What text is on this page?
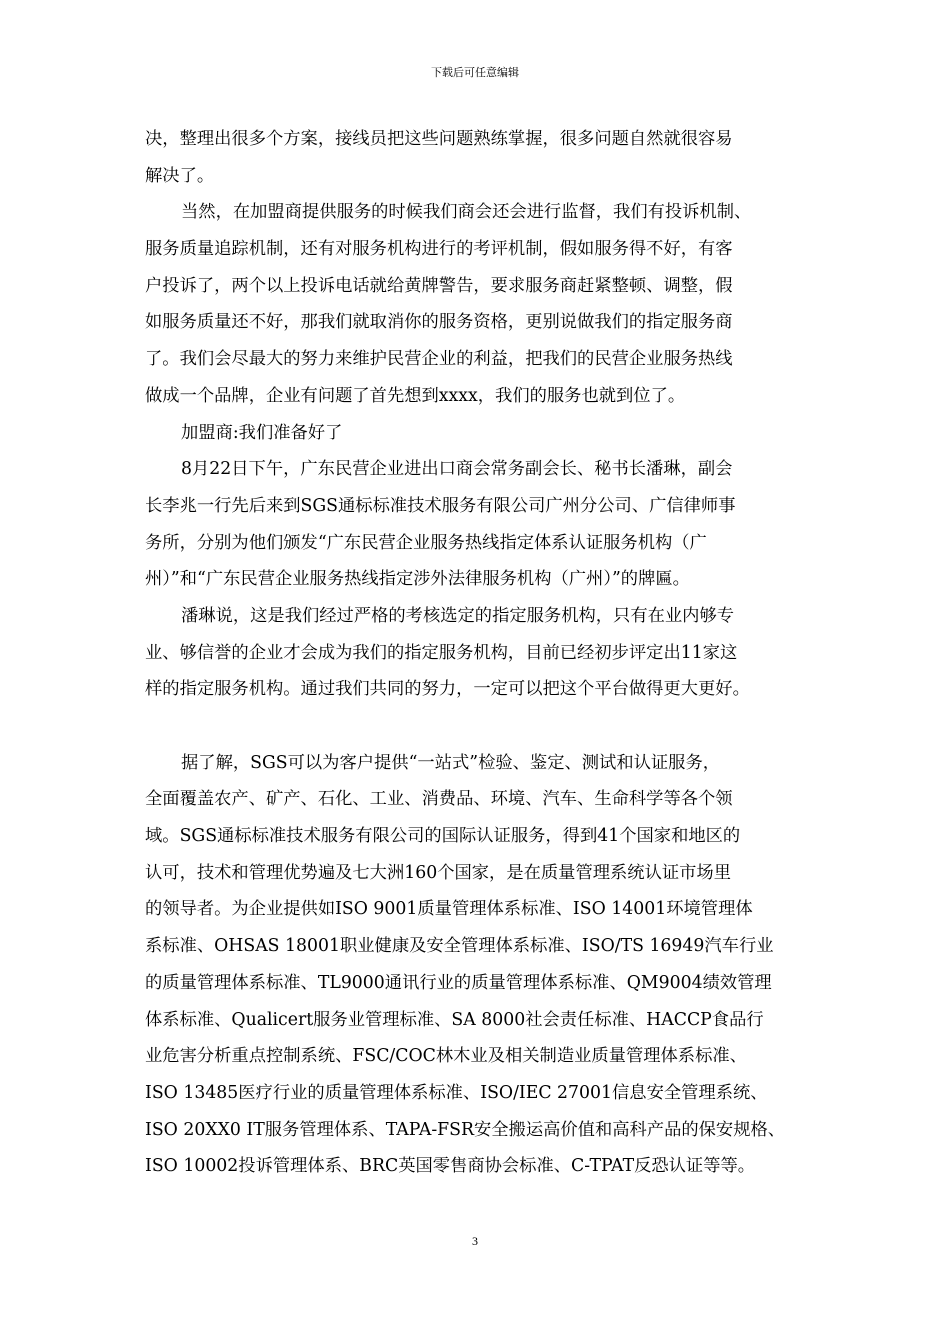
下载后可任意编辑
决，整理出很多个方案，接线员把这些问题熟练掌握，很多问题自然就很容易
解决了。
当然，在加盟商提供服务的时候我们商会还会进行监督，我们有投诉机制、
服务质量追踪机制，还有对服务机构进行的考评机制，假如服务得不好，有客
户投诉了，两个以上投诉电话就给黄牌警告，要求服务商赶紧整顿、调整，假
如服务质量还不好，那我们就取消你的服务资格，更别说做我们的指定服务商
了。我们会尽最大的努力来维护民营企业的利益，把我们的民营企业服务热线
做成一个品牌，企业有问题了首先想到xxxx，我们的服务也就到位了。
加盟商:我们准备好了
8月22日下午，广东民营企业进出口商会常务副会长、秘书长潘琳，副会
长李兆一行先后来到SGS通标标准技术服务有限公司广州分公司、广信律师事
务所，分别为他们颁发“广东民营企业服务热线指定体系认证服务机构（广
州）”和“广东民营企业服务热线指定涉外法律服务机构（广州）”的牌匾。
潘琳说，这是我们经过严格的考核选定的指定服务机构，只有在业内够专
业、够信誉的企业才会成为我们的指定服务机构，目前已经初步评定出11家这
样的指定服务机构。通过我们共同的努力，一定可以把这个平台做得更大更好。
据了解，SGS可以为客户提供“一站式”检验、鉴定、测试和认证服务，
全面覆盖农产、矿产、石化、工业、消费品、环境、汽车、生命科学等各个领
域。SGS通标标准技术服务有限公司的国际认证服务，得到41个国家和地区的
认可，技术和管理优势遍及七大洲160个国家，是在质量管理系统认证市场里
的领导者。为企业提供如ISO 9001质量管理体系标准、ISO 14001环境管理体
系标准、OHSAS 18001职业健康及安全管理体系标准、ISO/TS 16949汽车行业
的质量管理体系标准、TL9000通讯行业的质量管理体系标准、QM9004绩效管理
体系标准、Qualicert服务业管理标准、SA 8000社会责任标准、HACCP食品行
业危害分析重点控制系统、FSC/COC林木业及相关制造业质量管理体系标准、
ISO 13485医疗行业的质量管理体系标准、ISO/IEC 27001信息安全管理系统、
ISO 20XX0 IT服务管理体系、TAPA-FSR安全搬运高价值和高科产品的保安规格、
ISO 10002投诉管理体系、BRC英国零售商协会标准、C-TPAT反恐认证等等。
3
